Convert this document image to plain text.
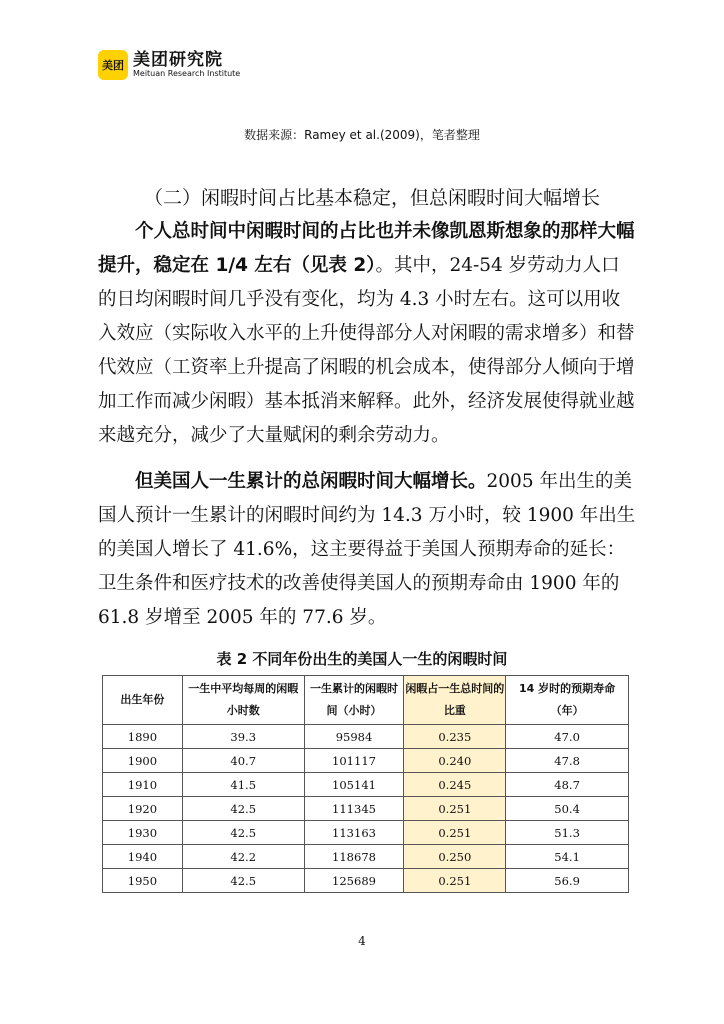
美团 美团研究院
Meituan Research Institute
数据来源：Ramey et al.(2009)，笔者整理
（二）闲暇时间占比基本稳定，但总闲暇时间大幅增长

个人总时间中闲暇时间的占比也并未像凯恩斯想象的那样大幅提升，稳定在 1/4 左右（见表 2）。其中，24-54 岁劳动力人口的日均闲暇时间几乎没有变化，均为 4.3 小时左右。这可以用收入效应（实际收入水平的上升使得部分人对闲暇的需求增多）和替代效应（工资率上升提高了闲暇的机会成本，使得部分人倾向于增加工作而减少闲暇）基本抵消来解释。此外，经济发展使得就业越来越充分，减少了大量赋闲的剩余劳动力。

但美国人一生累计的总闲暇时间大幅增长。2005 年出生的美国人预计一生累计的闲暇时间约为 14.3 万小时，较 1900 年出生的美国人增长了 41.6%，这主要得益于美国人预期寿命的延长：卫生条件和医疗技术的改善使得美国人的预期寿命由 1900 年的 61.8 岁增至 2005 年的 77.6 岁。

表 2 不同年份出生的美国人一生的闲暇时间
出生年份	一生中平均每周的闲暇小时数	一生累计的闲暇时间（小时）	闲暇占一生总时间的比重	14 岁时的预期寿命（年）
1890	39.3	95984	0.235	47.0
1900	40.7	101117	0.240	47.8
1910	41.5	105141	0.245	48.7
1920	42.5	111345	0.251	50.4
1930	42.5	113163	0.251	51.3
1940	42.2	118678	0.250	54.1
1950	42.5	125689	0.251	56.9
4
